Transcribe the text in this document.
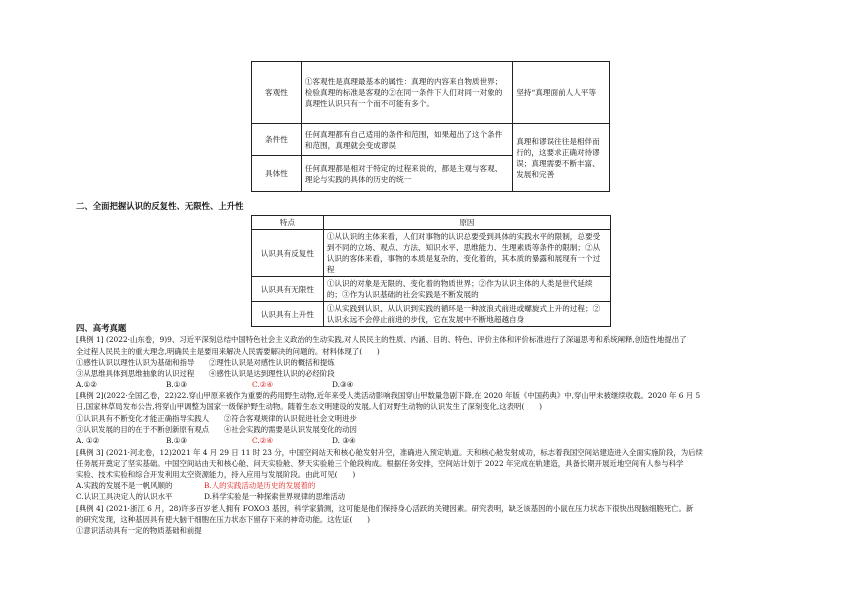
客观性	①客观性是真理最基本的属性：真理的内容来自物质世界；检验真理的标准是客观的②在同一条件下人们对同一对象的真理性认识只有一个而不可能有多个。	坚持“真理面前人人平等
条件性	任何真理都有自己适用的条件和范围，如果超出了这个条件和范围，真理就会变成谬误	真理和谬误往往是相伴而行的，这要求正确对待谬误；真理需要不断丰富、发展和完善
具体性	任何真理都是相对于特定的过程来说的，都是主观与客观、理论与实践的具体的历史的统一	
二、全面把握认识的反复性、无限性、上升性
特点	原因
认识具有反复性	①从认识的主体来看，人们对事物的认识总要受到具体的实践水平的限制，总要受到不同的立场、观点、方法、知识水平、思维能力、生理素质等条件的限制；②从认识的客体来看，事物的本质是复杂的、变化着的，其本质的暴露和展现有一个过程
认识具有无限性	①认识的对象是无限的、变化着的物质世界；②作为认识主体的人类是世代延续的；③作为认识基础的社会实践是不断发展的
认识具有上升性	①从实践到认识、从认识到实践的循环是一种波浪式前进或螺旋式上升的过程；②认识永远不会停止前进的步伐，它在发展中不断地超越自身
四、高考真题
[典例 1] (2022·山东卷，9)9、习近平深刻总结中国特色社会主义政治的生动实践,对人民民主的性质、内涵、目的、特色、评价主体和评价标准进行了深逼思考和系统阐释,创造性地提出了
全过程人民民主的重大理念,明确民主是要用来解决人民需要解决的问题的。材料体现了(　　)
①感性认识以理性认识为基础和指导　　②理性认识是对感性认识的概括和提炼
③从思维具体到思维抽象的认识过程　　④感性认识是达到理性认识的必经阶段
A.①②	B.①③	C.②④	D.③④
[典例 2](2022·全国乙卷，22)22.穿山甲原来被作为重要的药用野生动物,近年来受人类活动影响我国穿山甲数量急剧下降,在 2020 年版《中国药典》中,穿山甲未被继续收载。2020 年 6 月 5
日,国家林草局发布公告,将穿山甲调整为国家一级保护野生动物。随着生态文明建设的发展,人们对野生动物的认识发生了深刻变化,这表明(　　)
①认识具有不断变化才能正确指导实践人　　②符合客观规律的认识促进社会文明进步
③认识发展的目的在于不断创新原有观点　　④社会实践的需要是认识发展变化的动因
A. ①②	B.①③	C.②④	D. ③④
[典例 3] (2021·河北卷，12)2021 年 4 月 29 日 11 时 23 分，中国空间站天和核心舱发射升空，准确进入预定轨道。天和核心舱发射成功，标志着我国空间站建造进入全面实施阶段，为后续
任务展开奠定了坚实基础。中国空间站由天和核心舱、问天实验舱、梦天实验舱三个舱段构成。根据任务安排，空间站计划于 2022 年完成在轨建造，具备长期开展近地空间有人参与科学
实验、技术实验和综合开发利用太空资源能力，持入应用与发展阶段。由此可见(　　)
A.实践的发展不是一帆风顺的	B.人的实践活动是历史的发展着的
C.认识工具决定人的认识水平	D.科学实验是一种探索世界规律的思维活动
[典例 4] (2021·浙江 6 月，28)许多百岁老人拥有 FOXO3 基因，科学家猜测，这可能是他们保持身心活跃的关键因素。研究表明，缺乏该基因的小鼠在压力状态下很快出现脑细胞死亡。新
的研究发现，这种基因具有使大脑干细胞在压力状态下留存下来的神奇功能。这佐证(　　)
①意识活动具有一定的物质基础和前提
